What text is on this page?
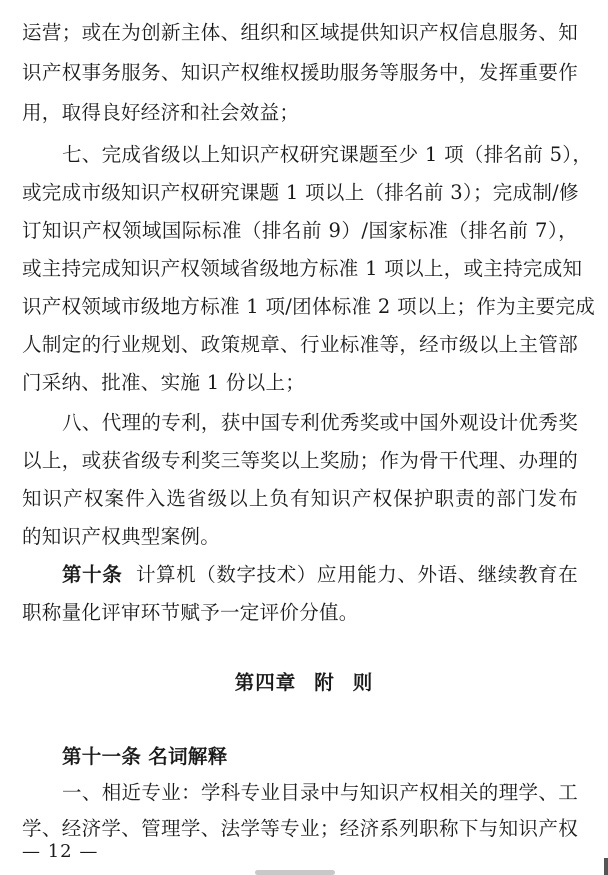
运营；或在为创新主体、组织和区域提供知识产权信息服务、知
识产权事务服务、知识产权维权援助服务等服务中，发挥重要作
用，取得良好经济和社会效益；
七、完成省级以上知识产权研究课题至少 1 项（排名前 5），
或完成市级知识产权研究课题 1 项以上（排名前 3）；完成制/修
订知识产权领域国际标准（排名前 9）/国家标准（排名前 7），
或主持完成知识产权领域省级地方标准 1 项以上，或主持完成知
识产权领域市级地方标准 1 项/团体标准 2 项以上；作为主要完成
人制定的行业规划、政策规章、行业标准等，经市级以上主管部
门采纳、批准、实施 1 份以上；
八、代理的专利，获中国专利优秀奖或中国外观设计优秀奖
以上，或获省级专利奖三等奖以上奖励；作为骨干代理、办理的
知识产权案件入选省级以上负有知识产权保护职责的部门发布
的知识产权典型案例。
第十条 计算机（数字技术）应用能力、外语、继续教育在
职称量化评审环节赋予一定评价分值。
第四章 附 则
第十一条 名词解释
一、相近专业：学科专业目录中与知识产权相关的理学、工
学、经济学、管理学、法学等专业；经济系列职称下与知识产权
— 12 —
